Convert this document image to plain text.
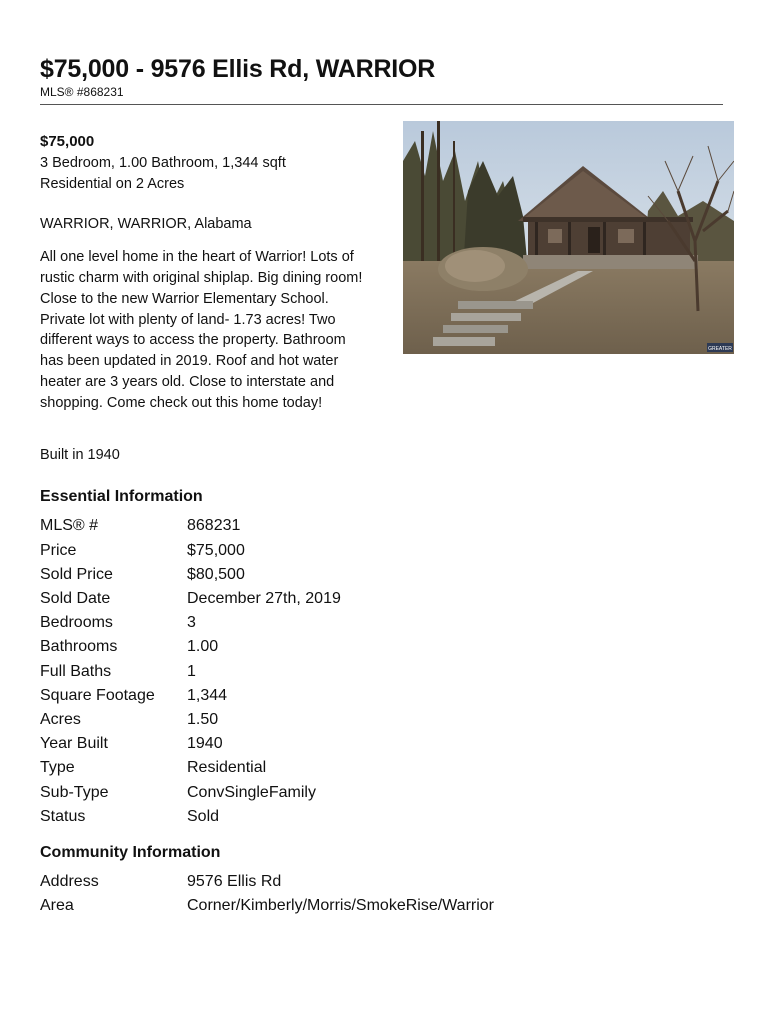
$75,000 - 9576 Ellis Rd, WARRIOR
MLS® #868231
$75,000
3 Bedroom, 1.00 Bathroom, 1,344 sqft
Residential on 2 Acres
WARRIOR, WARRIOR, Alabama
All one level home in the heart of Warrior! Lots of rustic charm with original shiplap. Big dining room! Close to the new Warrior Elementary School. Private lot with plenty of land- 1.73 acres! Two different ways to access the property. Bathroom has been updated in 2019. Roof and hot water heater are 3 years old. Close to interstate and shopping. Come check out this home today!
Built in 1940
GREATER
Essential Information
MLS® #	868231
Price	$75,000
Sold Price	$80,500
Sold Date	December 27th, 2019
Bedrooms	3
Bathrooms	1.00
Full Baths	1
Square Footage	1,344
Acres	1.50
Year Built	1940
Type	Residential
Sub-Type	ConvSingleFamily
Status	Sold
Community Information
Address	9576 Ellis Rd
Area	Corner/Kimberly/Morris/SmokeRise/Warrior
